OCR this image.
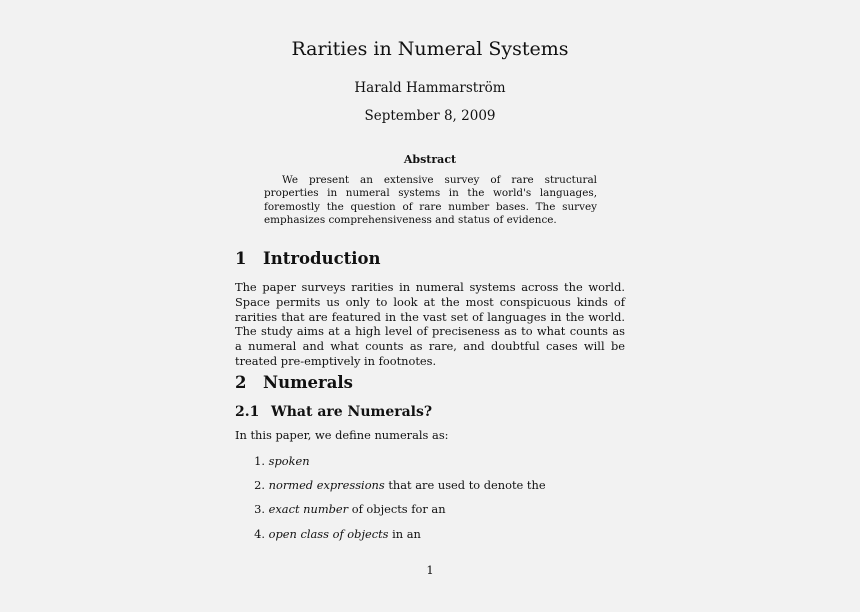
Rarities in Numeral Systems
Harald Hammarström
September 8, 2009
Abstract
We present an extensive survey of rare structural properties in numeral systems in the world's languages, foremostly the question of rare number bases. The survey emphasizes comprehensiveness and status of evidence.
1 Introduction
The paper surveys rarities in numeral systems across the world. Space permits us only to look at the most conspicuous kinds of rarities that are featured in the vast set of languages in the world. The study aims at a high level of preciseness as to what counts as a numeral and what counts as rare, and doubtful cases will be treated pre-emptively in footnotes.
2 Numerals
2.1 What are Numerals?
In this paper, we define numerals as:
1. spoken
2. normed expressions that are used to denote the
3. exact number of objects for an
4. open class of objects in an
1
